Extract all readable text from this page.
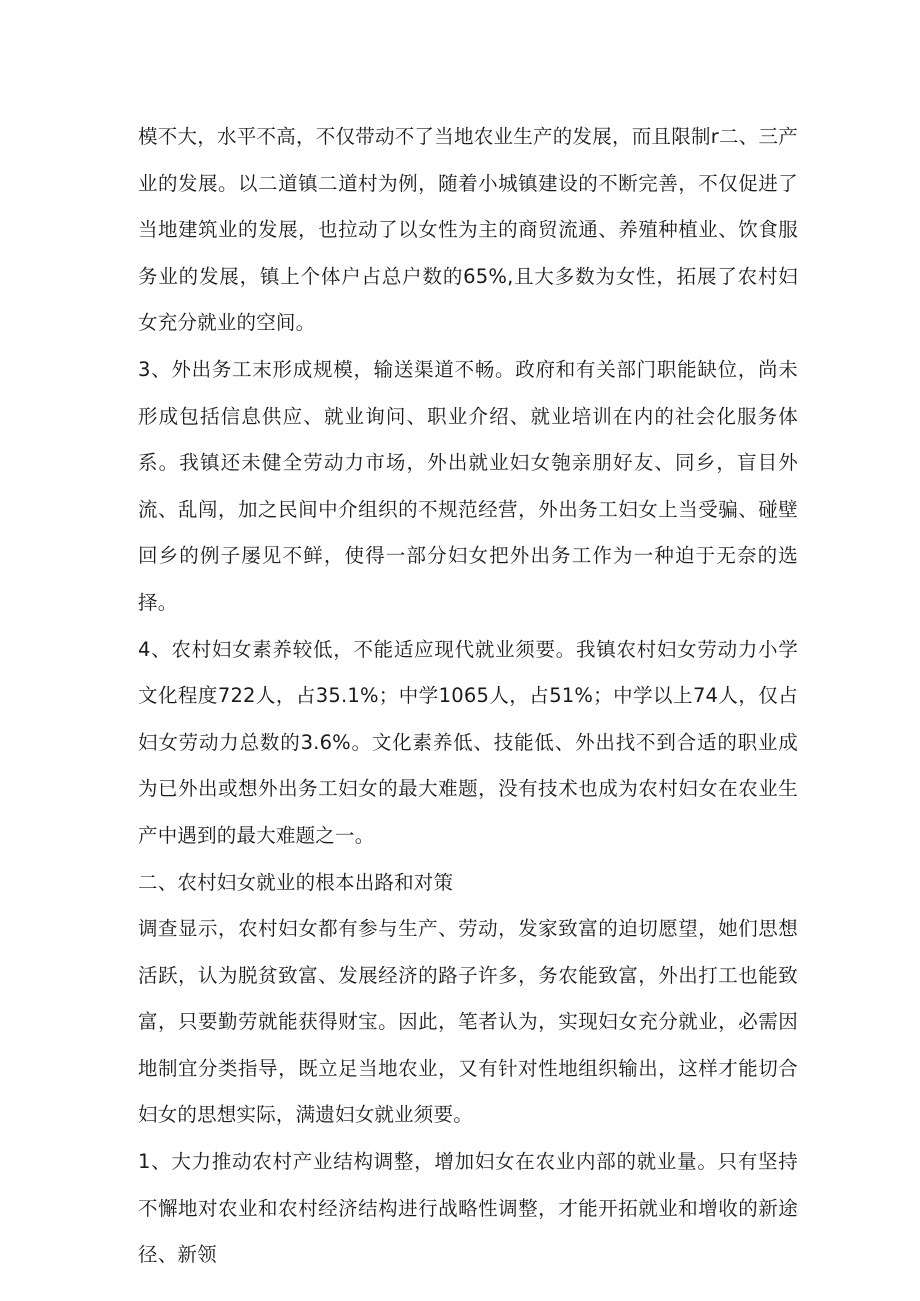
模不大，水平不高，不仅带动不了当地农业生产的发展，而且限制r二、三产业的发展。以二道镇二道村为例，随着小城镇建设的不断完善，不仅促进了当地建筑业的发展，也拉动了以女性为主的商贸流通、养殖种植业、饮食服务业的发展，镇上个体户占总户数的65%,且大多数为女性，拓展了农村妇女充分就业的空间。

3、外出务工末形成规模，输送渠道不畅。政府和有关部门职能缺位，尚未形成包括信息供应、就业询问、职业介绍、就业培训在内的社会化服务体系。我镇还未健全劳动力市场，外出就业妇女匏亲朋好友、同乡，盲目外流、乱闯，加之民间中介组织的不规范经营，外出务工妇女上当受骗、碰壁回乡的例子屡见不鲜，使得一部分妇女把外出务工作为一种迫于无奈的选择。

4、农村妇女素养较低，不能适应现代就业须要。我镇农村妇女劳动力小学文化程度722人，占35.1%；中学1065人，占51%；中学以上74人，仅占妇女劳动力总数的3.6%。文化素养低、技能低、外出找不到合适的职业成为已外出或想外出务工妇女的最大难题，没有技术也成为农村妇女在农业生产中遇到的最大难题之一。

二、农村妇女就业的根本出路和对策

调查显示，农村妇女都有参与生产、劳动，发家致富的迫切愿望，她们思想活跃，认为脱贫致富、发展经济的路子许多，务农能致富，外出打工也能致富，只要勤劳就能获得财宝。因此，笔者认为，实现妇女充分就业，必需因地制宜分类指导，既立足当地农业，又有针对性地组织输出，这样才能切合妇女的思想实际，满遗妇女就业须要。

1、大力推动农村产业结构调整，增加妇女在农业内部的就业量。只有坚持不懈地对农业和农村经济结构进行战略性调整，才能开拓就业和增收的新途径、新领
